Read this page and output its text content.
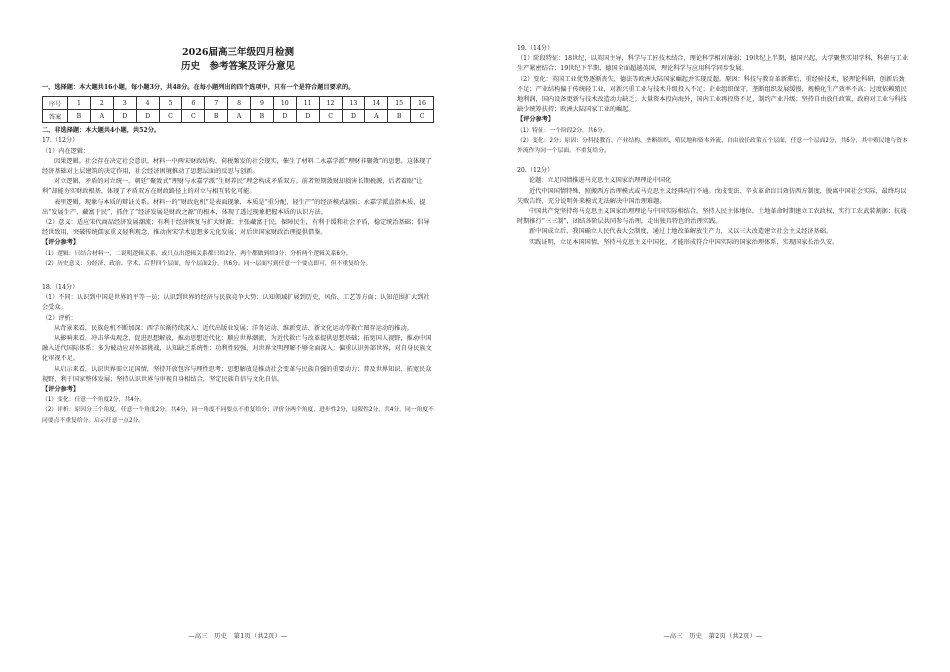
2026届高三年级四月检测
历史　参考答案及评分意见

一、选择题：本大题共16小题，每小题3分，共48分。在每小题列出的四个选项中，只有一个是符合题目要求的。

序号	1	2	3	4	5	6	7	8	9	10	11	12	13	14	15	16
答案	B	A	D	D	C	C	B	A	B	D	D	C	D	A	B	C

二、非选择题：本大题共4小题，共52分。

17.（12分）

（1）内在逻辑：

因果逻辑。社会存在决定社会意识。材料一中两宋财政结构、荷税频发的社会现实，催生了材料二永嘉学派“理财非聚敛”的思想。这体现了经济基础对上层建筑的决定作用，社会经济困境推动了思想层面的反思与创新。

对立逻辑，矛盾的对立统一。朝廷“聚敛式”理财与永嘉学派“生财养民”理念构成矛盾双方。前者短期敛财却损害长期税源，后者着眼“让利”却能夯实财政根基，体现了矛盾双方在财政路径上的对立与相互转化可能。

表里逻辑，现象与本质的辩证关系。材料一的“财政危机”是表面现象，本质是“重分配、轻生产”的经济模式缺陷；永嘉学派直指本质，提出“发展生产、藏富于民”，抓住了“经济发展是财政之源”的根本，体现了透过现象把握本质的认识方法。

（2）意义：适应宋代商品经济发展潮流；有利于经济恢复与扩大财源；主张藏富于民，保障民生，有利于缓和社会矛盾，稳定统治基础；倡导经世致用，突破传统儒家重义轻利观念，推动南宋学术思想多元化发展；对后世国家财政治理提供借鉴。

【评分参考】

（1）逻辑：只结合材料一、二说明逻辑关系，或只点出逻辑关系都只给2分，两个都做到给3分；分析两个逻辑关系6分。

（2）历史意义：分经济、政治、学术、后世四个层面，每个层面2分，共6分。同一层面写到任意一个要点即可，但不重复给分。

18.（14分）

（1）不同：认识到中国是世界的平等一员；认识到世界的经济与民族竞争大势；认知领域扩展到历史、风俗、工艺等方面；认知范围扩大到社会受众。

（2）评析：

从背景来看，民族危机不断加深；西学东渐持续深入；近代出版业发展；洋务运动、维新变法、新文化运动等救亡图存运动的推动。

从影响来看，冲击华夷观念，促进思想解放，推动思想近代化；顺应世界潮流，为近代救亡与改革提供思想基础；拓宽国人视野，推动中国融入近代国际体系；多为被动应对外部挑战，认知缺乏系统性；功利性较强，对世界文明理解不够全面深入；偏重认识外部世界，对自身民族文化审视不足。

从启示来看，认识世界需立足国情，坚持开放包容与理性思考；思想解放是推动社会变革与民族自强的重要动力；普及世界知识、拓宽民众视野，利于国家整体发展；坚持认识世界与审视自身相结合，坚定民族自信与文化自信。

【评分参考】

（1）变化：任意一个角度2分，共4分。

（2）评析：原因分三个角度，任意一个角度2分，共4分，同一角度不同要点不重复给分；评价分两个角度，进步性2分，局限性2分，共4分，同一角度不同要点不重复给分。启示任意一点2分。

—高三　历史　第1页（共2页）—

19.（14分）

（1）阶段特征：18世纪，以英国主导，科学与工匠技术结合，理论科学相对薄弱；19世纪上半期，德国兴起，大学聚焦实用学科，科研与工业生产紧密结合；19世纪下半期，德国全面超越英国，理论科学与应用科学同步发展。

（2）变化：英国工业优势逐渐丧失，德法等欧洲大陆国家崛起并实现反超。原因：科技与教育革新滞后，重经验技术，轻理论科研，创新后劲不足；产业结构偏于传统轻工业，对新兴重工业与技术升级投入不足；企业组织保守，垄断组织发展缓慢，规模化生产效率不高；过度依赖殖民地利润，国内设备更新与技术改造动力缺乏；大量资本投向海外，国内工业再投资不足，制约产业升级；坚持自由放任政策，政府对工业与科技缺少统筹扶持；欧洲大陆国家工业的崛起。

【评分参考】

（1）特征：一个阶段2分，共6分。

（2）变化：2分；原因：分科技教育、产业结构、垄断组织、殖民地和资本外流、自由放任政策五个层面，任意一个层面2分，共6分，其中殖民地与资本外流作为同一个层面，不重复给分。

20.（12分）

论题：立足国情推进马克思主义国家治理理论中国化

近代中国国情特殊，照搬西方治理模式或马克思主义经典均行不通。戊戌变法、辛亥革命盲目效仿西方制度，脱离中国社会实际，最终均以失败告终，充分说明外来模式无法解决中国治理难题。

中国共产党坚持将马克思主义国家治理理论与中国实际相结合，坚持人民主体地位。土地革命时期建立工农政权、实行工农武装割据；抗战时期推行“三三制”，团结各阶层共同参与治理，走出独具特色的治理实践。

新中国成立后，我国确立人民代表大会制度，通过土地改革解放生产力，又以三大改造建立社会主义经济基础。

实践证明，立足本国国情，坚持马克思主义中国化，才能形成符合中国实际的国家治理体系，实现国家长治久安。

—高三　历史　第2页（共2页）—
